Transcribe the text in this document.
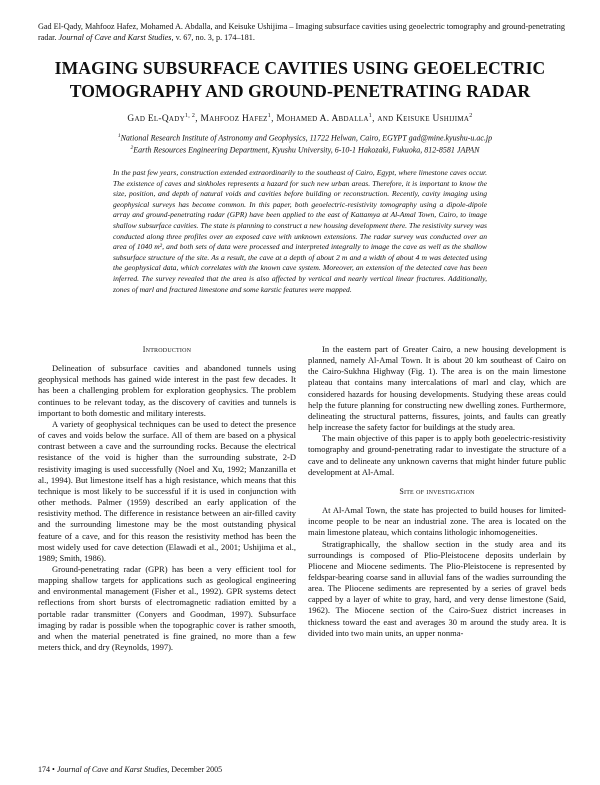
Gad El-Qady, Mahfooz Hafez, Mohamed A. Abdalla, and Keisuke Ushijima – Imaging subsurface cavities using geoelectric tomography and ground-penetrating
radar. Journal of Cave and Karst Studies, v. 67, no. 3, p. 174–181.
IMAGING SUBSURFACE CAVITIES USING GEOELECTRIC
TOMOGRAPHY AND GROUND-PENETRATING RADAR
Gad El-Qady$^{1, 2}$, Mahfooz Hafez$^1$, Mohamed A. Abdalla$^1$, and Keisuke Ushijima$^2$
$^1$National Research Institute of Astronomy and Geophysics, 11722 Helwan, Cairo, EGYPT gad@mine.kyushu-u.ac.jp
$^2$Earth Resources Engineering Department, Kyushu University, 6-10-1 Hakozaki, Fukuoka, 812-8581 JAPAN
In the past few years, construction extended extraordinarily to the southeast of Cairo, Egypt, where limestone caves occur. The existence of caves and sinkholes represents a hazard for such new urban areas. Therefore, it is important to know the size, position, and depth of natural voids and cavities before building or reconstruction. Recently, cavity imaging using geophysical surveys has become common. In this paper, both geoelectric-resistivity tomography using a dipole-dipole array and ground-penetrating radar (GPR) have been applied to the east of Kattamya at Al-Amal Town, Cairo, to image shallow subsurface cavities. The state is planning to construct a new housing development there. The resistivity survey was conducted along three profiles over an exposed cave with unknown extensions. The radar survey was conducted over an area of 1040 m², and both sets of data were processed and interpreted integrally to image the cave as well as the shallow subsurface structure of the site. As a result, the cave at a depth of about 2 m and a width of about 4 m was detected using the geophysical data, which correlates with the known cave system. Moreover, an extension of the detected cave has been inferred. The survey revealed that the area is also affected by vertical and nearly vertical linear fractures. Additionally, zones of marl and fractured limestone and some karstic features were mapped.
Introduction

Delineation of subsurface cavities and abandoned tunnels using geophysical methods has gained wide interest in the past few decades. It has been a challenging problem for exploration geophysics. The problem continues to be relevant today, as the discovery of cavities and tunnels is important to both domestic and military interests.

A variety of geophysical techniques can be used to detect the presence of caves and voids below the surface. All of them are based on a physical contrast between a cave and the surrounding rocks. Because the electrical resistance of the void is higher than the surrounding substrate, 2-D resistivity imaging is used successfully (Noel and Xu, 1992; Manzanilla et al., 1994). But limestone itself has a high resistance, which means that this technique is most likely to be successful if it is used in conjunction with other methods. Palmer (1959) described an early application of the resistivity method. The difference in resistance between an air-filled cavity and the surrounding limestone may be the most outstanding physical feature of a cave, and for this reason the resistivity method has been the most widely used for cave detection (Elawadi et al., 2001; Ushijima et al., 1989; Smith, 1986).

Ground-penetrating radar (GPR) has been a very efficient tool for mapping shallow targets for applications such as geological engineering and environmental management (Fisher et al., 1992). GPR systems detect reflections from short bursts of electromagnetic radiation emitted by a portable radar transmitter (Conyers and Goodman, 1997). Subsurface imaging by radar is possible when the topographic cover is rather smooth, and when the material penetrated is fine grained, no more than a few meters thick, and dry (Reynolds, 1997).

In the eastern part of Greater Cairo, a new housing development is planned, namely Al-Amal Town. It is about 20 km southeast of Cairo on the Cairo-Sukhna Highway (Fig. 1). The area is on the main limestone plateau that contains many intercalations of marl and clay, which are considered hazards for housing developments. Studying these areas could help the future planning for constructing new dwelling zones. Furthermore, delineating the structural patterns, fissures, joints, and faults can greatly help increase the safety factor for buildings at the study area.

The main objective of this paper is to apply both geoelectric-resistivity tomography and ground-penetrating radar to investigate the structure of a cave and to delineate any unknown caverns that might hinder future public development at Al-Amal.

Site of investigation

At Al-Amal Town, the state has projected to build houses for limited-income people to be near an industrial zone. The area is located on the main limestone plateau, which contains lithologic inhomogeneities.

Stratigraphically, the shallow section in the study area and its surroundings is composed of Plio-Pleistocene deposits underlain by Pliocene and Miocene sediments. The Plio-Pleistocene is represented by feldspar-bearing coarse sand in alluvial fans of the wadies surrounding the area. The Pliocene sediments are represented by a series of gravel beds capped by a layer of white to gray, hard, and very dense limestone (Said, 1962). The Miocene section of the Cairo-Suez district increases in thickness toward the east and averages 30 m around the study area. It is divided into two main units, an upper nonma-

174 • Journal of Cave and Karst Studies, December 2005
